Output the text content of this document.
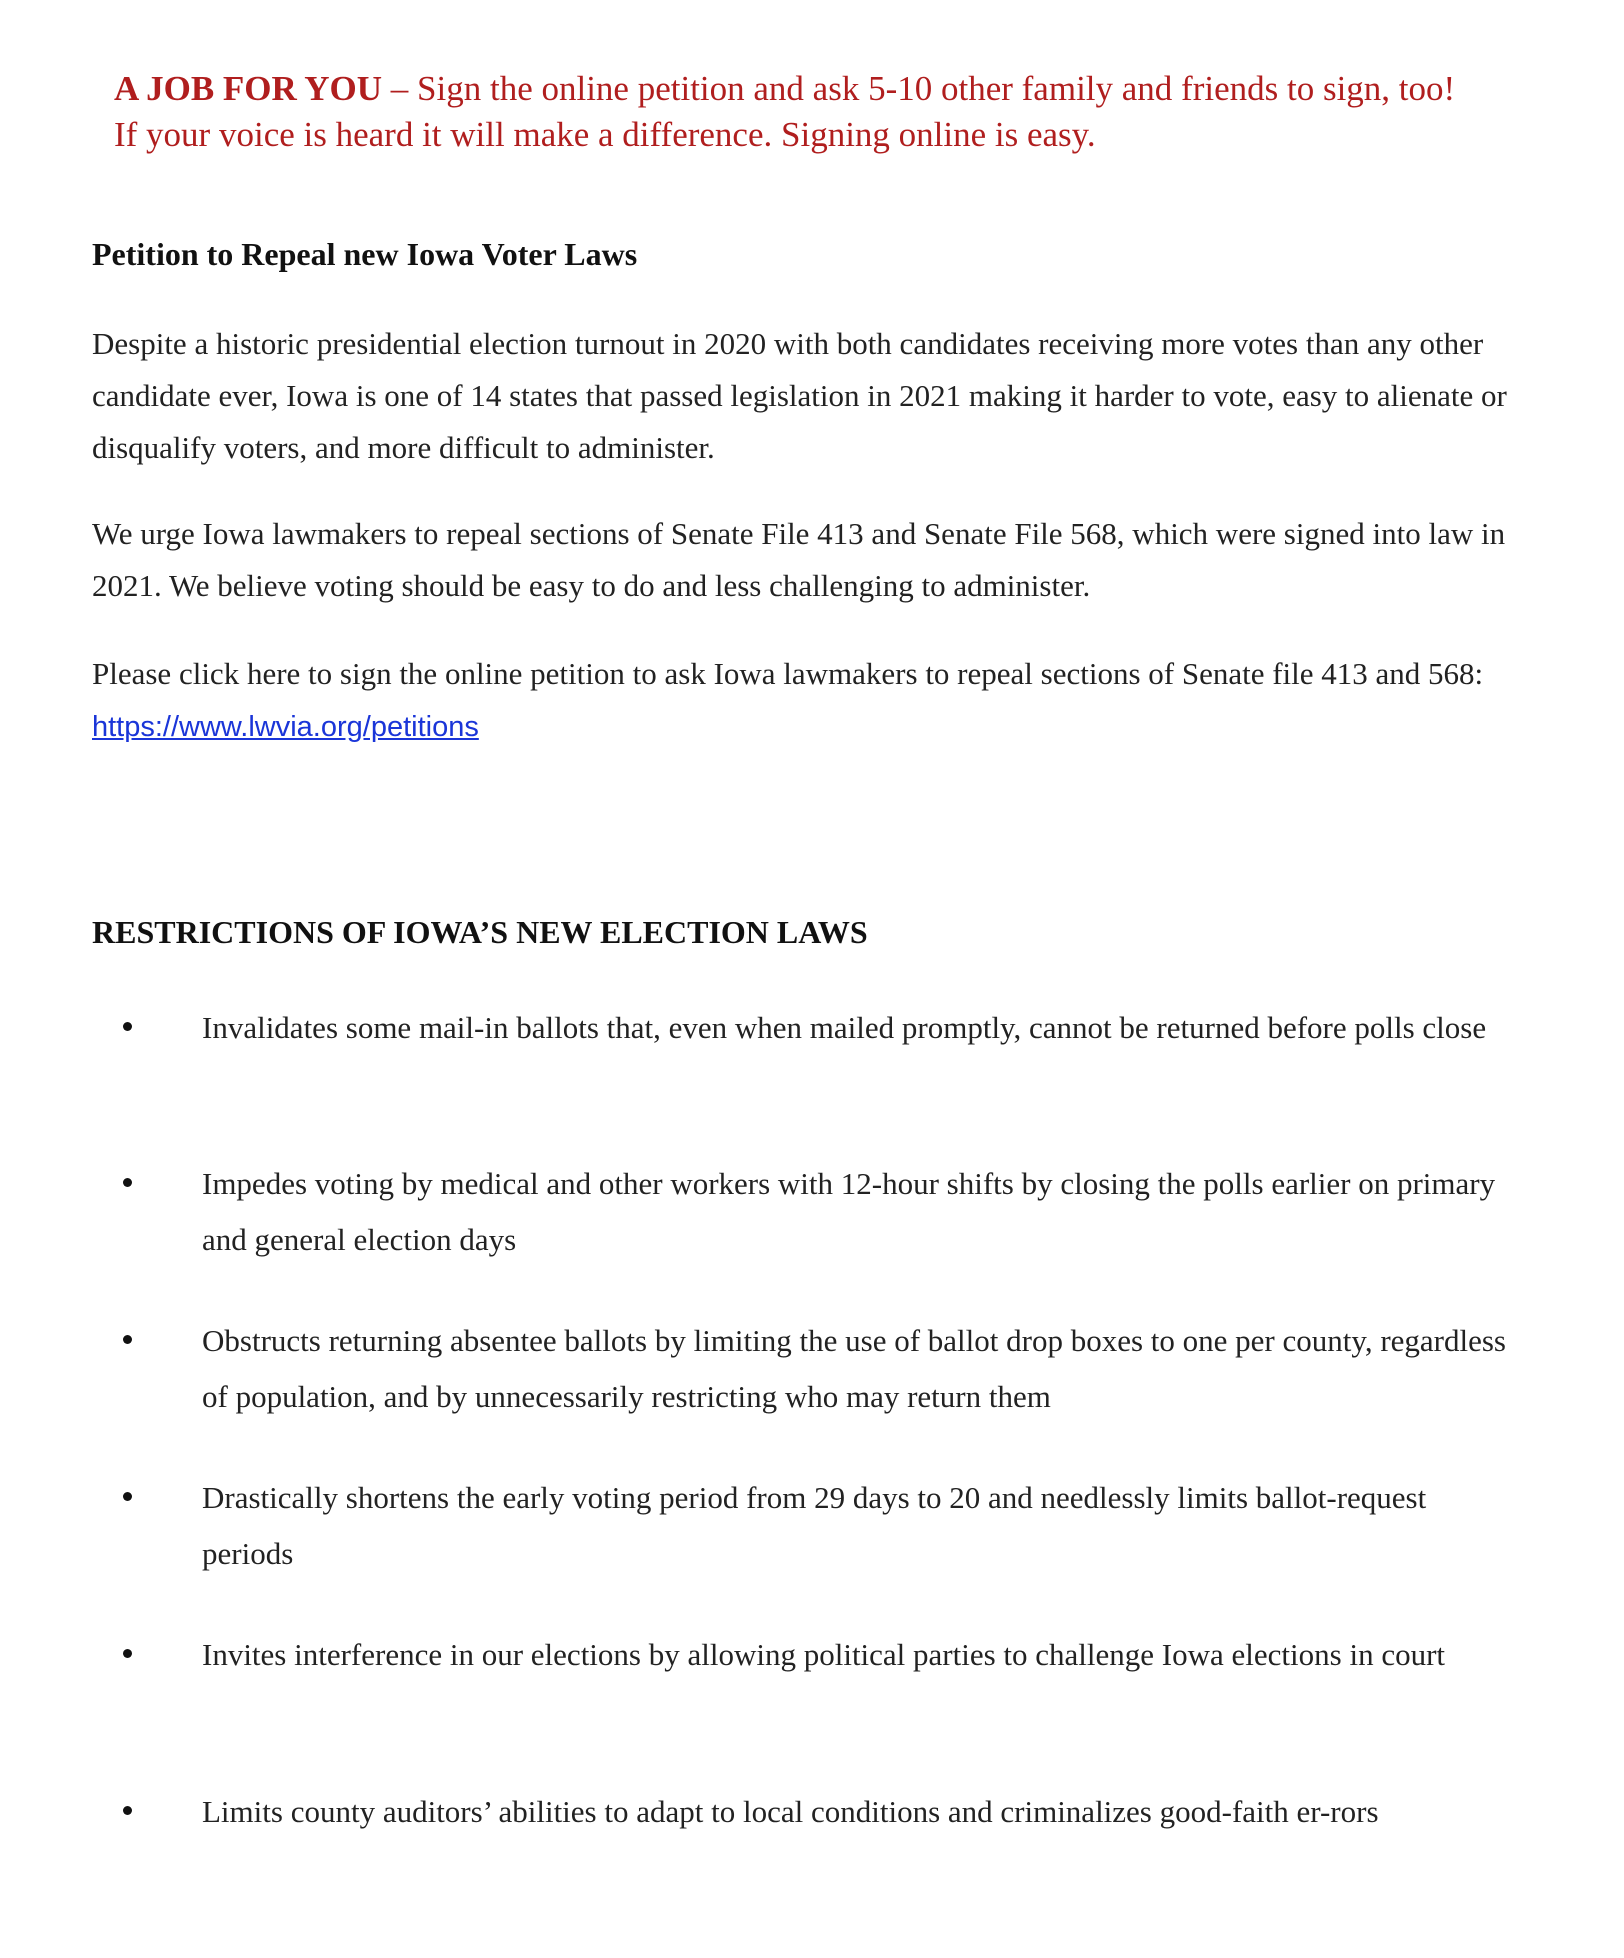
A JOB FOR YOU – Sign the online petition and ask 5-10 other family and friends to sign, too!
If your voice is heard it will make a difference. Signing online is easy.
Petition to Repeal new Iowa Voter Laws

Despite a historic presidential election turnout in 2020 with both candidates receiving more votes than any other candidate ever, Iowa is one of 14 states that passed legislation in 2021 making it harder to vote, easy to alienate or disqualify voters, and more difficult to administer.

We urge Iowa lawmakers to repeal sections of Senate File 413 and Senate File 568, which were signed into law in 2021. We believe voting should be easy to do and less challenging to administer.

Please click here to sign the online petition to ask Iowa lawmakers to repeal sections of Senate file 413 and 568: https://www.lwvia.org/petitions

RESTRICTIONS OF IOWA’S NEW ELECTION LAWS
Invalidates some mail-in ballots that, even when mailed promptly, cannot be returned before polls close
Impedes voting by medical and other workers with 12-hour shifts by closing the polls earlier on primary and general election days
Obstructs returning absentee ballots by limiting the use of ballot drop boxes to one per county, regardless of population, and by unnecessarily restricting who may return them
Drastically shortens the early voting period from 29 days to 20 and needlessly limits ballot-request periods
Invites interference in our elections by allowing political parties to challenge Iowa elections in court
Limits county auditors’ abilities to adapt to local conditions and criminalizes good-faith er-rors
